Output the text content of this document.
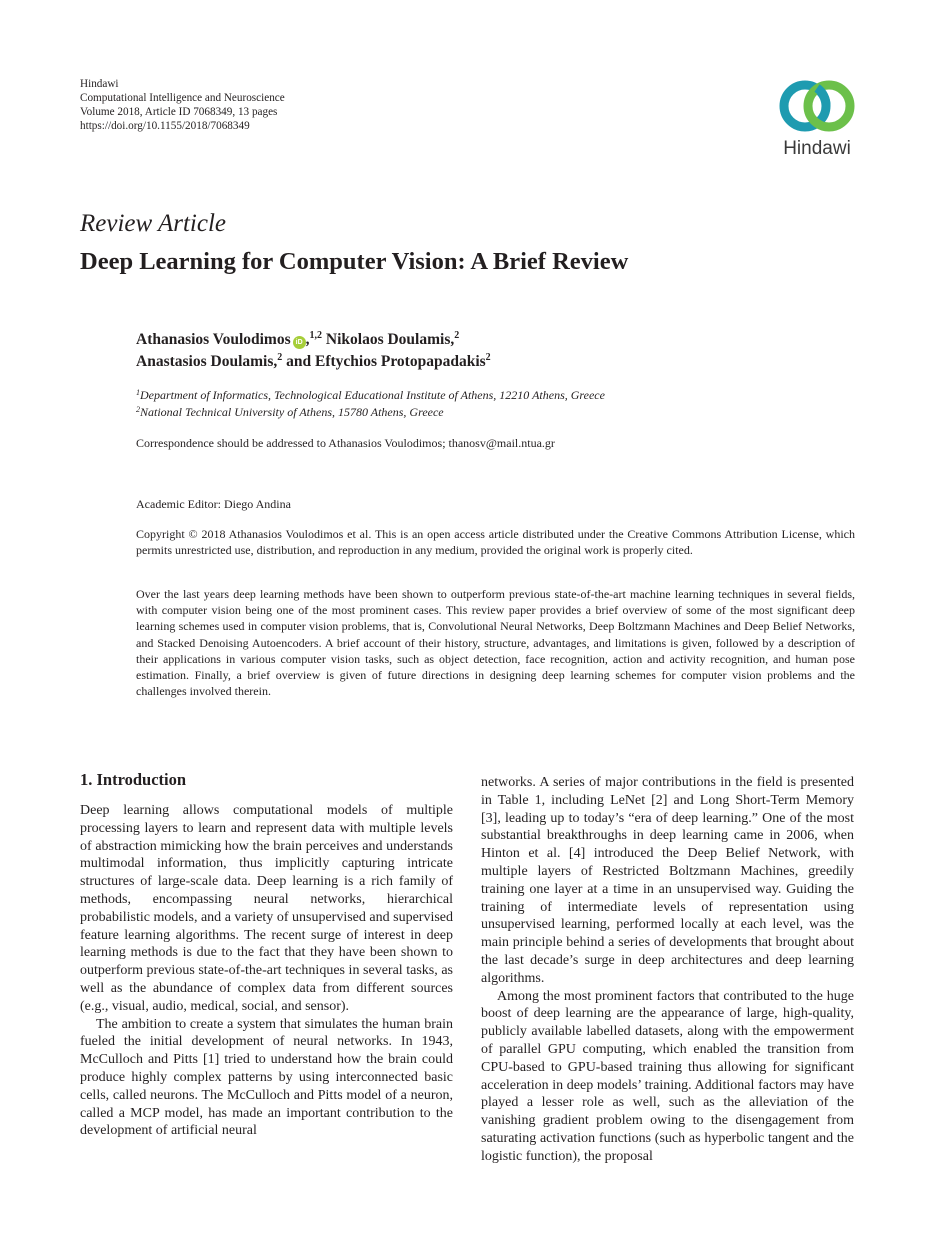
Hindawi
Computational Intelligence and Neuroscience
Volume 2018, Article ID 7068349, 13 pages
https://doi.org/10.1155/2018/7068349
Hindawi
Review Article
Deep Learning for Computer Vision: A Brief Review
Athanasios Voulodimos iD ,$^{1,2}$ Nikolaos Doulamis,$^2$
Anastasios Doulamis,$^2$ and Eftychios Protopapadakis$^2$
$^1$Department of Informatics, Technological Educational Institute of Athens, 12210 Athens, Greece
$^2$National Technical University of Athens, 15780 Athens, Greece
Correspondence should be addressed to Athanasios Voulodimos; thanosv@mail.ntua.gr
Academic Editor: Diego Andina
Copyright © 2018 Athanasios Voulodimos et al. This is an open access article distributed under the Creative Commons Attribution License, which permits unrestricted use, distribution, and reproduction in any medium, provided the original work is properly cited.
Over the last years deep learning methods have been shown to outperform previous state-of-the-art machine learning techniques in several fields, with computer vision being one of the most prominent cases. This review paper provides a brief overview of some of the most significant deep learning schemes used in computer vision problems, that is, Convolutional Neural Networks, Deep Boltzmann Machines and Deep Belief Networks, and Stacked Denoising Autoencoders. A brief account of their history, structure, advantages, and limitations is given, followed by a description of their applications in various computer vision tasks, such as object detection, face recognition, action and activity recognition, and human pose estimation. Finally, a brief overview is given of future directions in designing deep learning schemes for computer vision problems and the challenges involved therein.
1. Introduction

Deep learning allows computational models of multiple processing layers to learn and represent data with multiple levels of abstraction mimicking how the brain perceives and understands multimodal information, thus implicitly capturing intricate structures of large-scale data. Deep learning is a rich family of methods, encompassing neural networks, hierarchical probabilistic models, and a variety of unsupervised and supervised feature learning algorithms. The recent surge of interest in deep learning methods is due to the fact that they have been shown to outperform previous state-of-the-art techniques in several tasks, as well as the abundance of complex data from different sources (e.g., visual, audio, medical, social, and sensor).

The ambition to create a system that simulates the human brain fueled the initial development of neural networks. In 1943, McCulloch and Pitts [1] tried to understand how the brain could produce highly complex patterns by using interconnected basic cells, called neurons. The McCulloch and Pitts model of a neuron, called a MCP model, has made an important contribution to the development of artificial neural

networks. A series of major contributions in the field is presented in Table 1, including LeNet [2] and Long Short-Term Memory [3], leading up to today’s “era of deep learning.” One of the most substantial breakthroughs in deep learning came in 2006, when Hinton et al. [4] introduced the Deep Belief Network, with multiple layers of Restricted Boltzmann Machines, greedily training one layer at a time in an unsupervised way. Guiding the training of intermediate levels of representation using unsupervised learning, performed locally at each level, was the main principle behind a series of developments that brought about the last decade’s surge in deep architectures and deep learning algorithms.

Among the most prominent factors that contributed to the huge boost of deep learning are the appearance of large, high-quality, publicly available labelled datasets, along with the empowerment of parallel GPU computing, which enabled the transition from CPU-based to GPU-based training thus allowing for significant acceleration in deep models’ training. Additional factors may have played a lesser role as well, such as the alleviation of the vanishing gradient problem owing to the disengagement from saturating activation functions (such as hyperbolic tangent and the logistic function), the proposal
